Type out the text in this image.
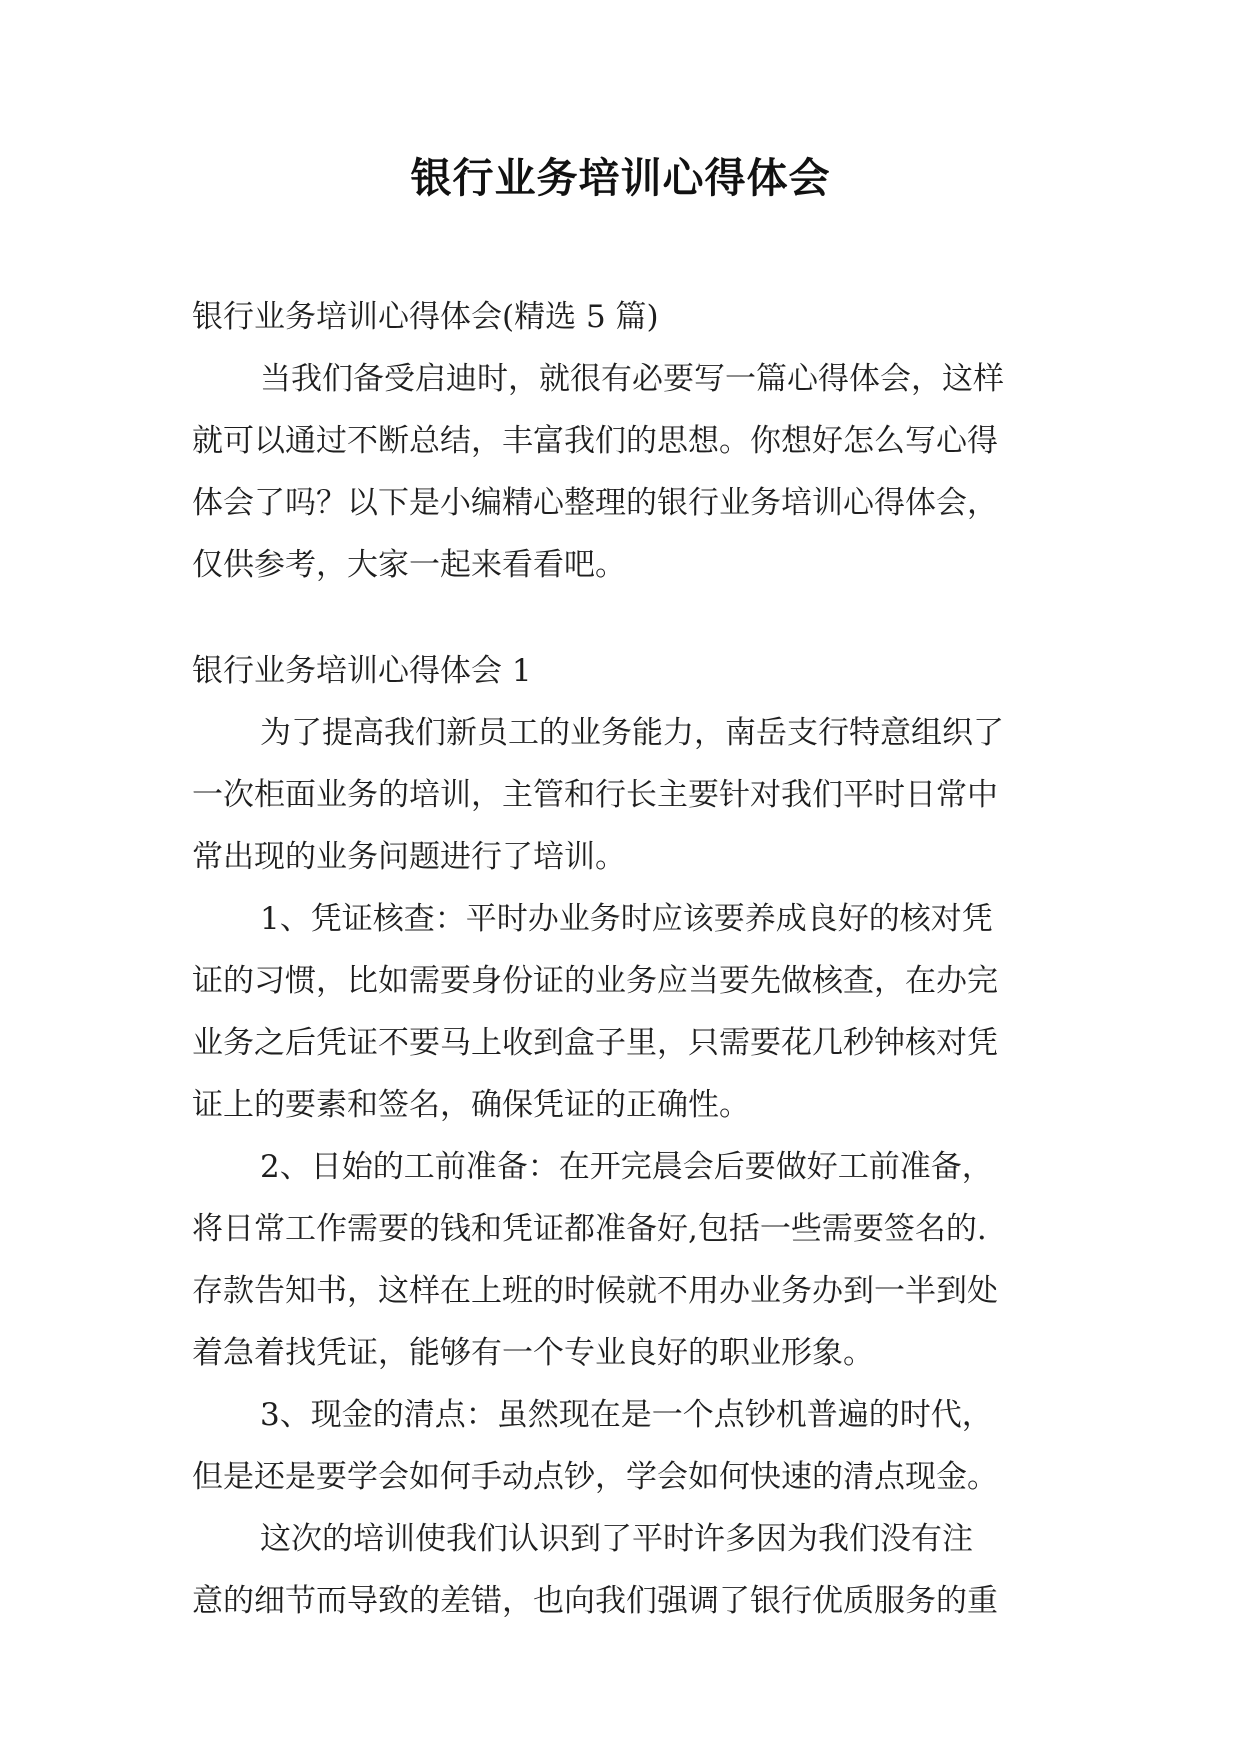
银行业务培训心得体会
银行业务培训心得体会(精选 5 篇)
当我们备受启迪时，就很有必要写一篇心得体会，这样
就可以通过不断总结，丰富我们的思想。你想好怎么写心得
体会了吗？以下是小编精心整理的银行业务培训心得体会，
仅供参考，大家一起来看看吧。
银行业务培训心得体会 1
为了提高我们新员工的业务能力，南岳支行特意组织了
一次柜面业务的培训，主管和行长主要针对我们平时日常中
常出现的业务问题进行了培训。
1、凭证核查：平时办业务时应该要养成良好的核对凭
证的习惯，比如需要身份证的业务应当要先做核查，在办完
业务之后凭证不要马上收到盒子里，只需要花几秒钟核对凭
证上的要素和签名，确保凭证的正确性。
2、日始的工前准备：在开完晨会后要做好工前准备，
将日常工作需要的钱和凭证都准备好,包括一些需要签名的.
存款告知书，这样在上班的时候就不用办业务办到一半到处
着急着找凭证，能够有一个专业良好的职业形象。
3、现金的清点：虽然现在是一个点钞机普遍的时代，
但是还是要学会如何手动点钞，学会如何快速的清点现金。
这次的培训使我们认识到了平时许多因为我们没有注
意的细节而导致的差错，也向我们强调了银行优质服务的重
